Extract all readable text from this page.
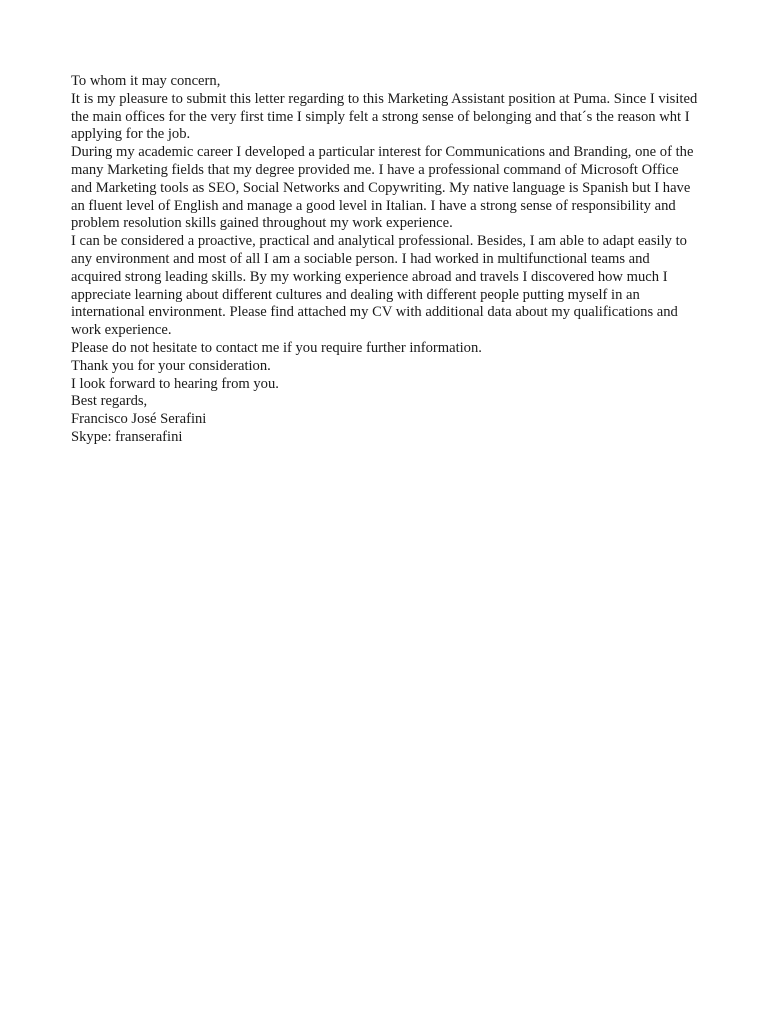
To whom it may concern,

It is my pleasure to submit this letter regarding to this Marketing Assistant position at Puma. Since I visited the main offices for the very first time I simply felt a strong sense of belonging and that´s the reason wht I applying for the job.

During my academic career I developed a particular interest for Communications and Branding, one of the many Marketing fields that my degree provided me. I have a professional command of Microsoft Office and Marketing tools as SEO, Social Networks and Copywriting. My native language is Spanish but I have an fluent level of English and manage a good level in Italian. I have a strong sense of responsibility and problem resolution skills gained throughout my work experience.

I can be considered a proactive, practical and analytical professional. Besides, I am able to adapt easily to any environment and most of all I am a sociable person. I had worked in multifunctional teams and acquired strong leading skills. By my working experience abroad and travels I discovered how much I appreciate learning about different cultures and dealing with different people putting myself in an international environment. Please find attached my CV with additional data about my qualifications and work experience.

Please do not hesitate to contact me if you require further information.

Thank you for your consideration.

I look forward to hearing from you.

Best regards,

Francisco José Serafini

Skype: franserafini
